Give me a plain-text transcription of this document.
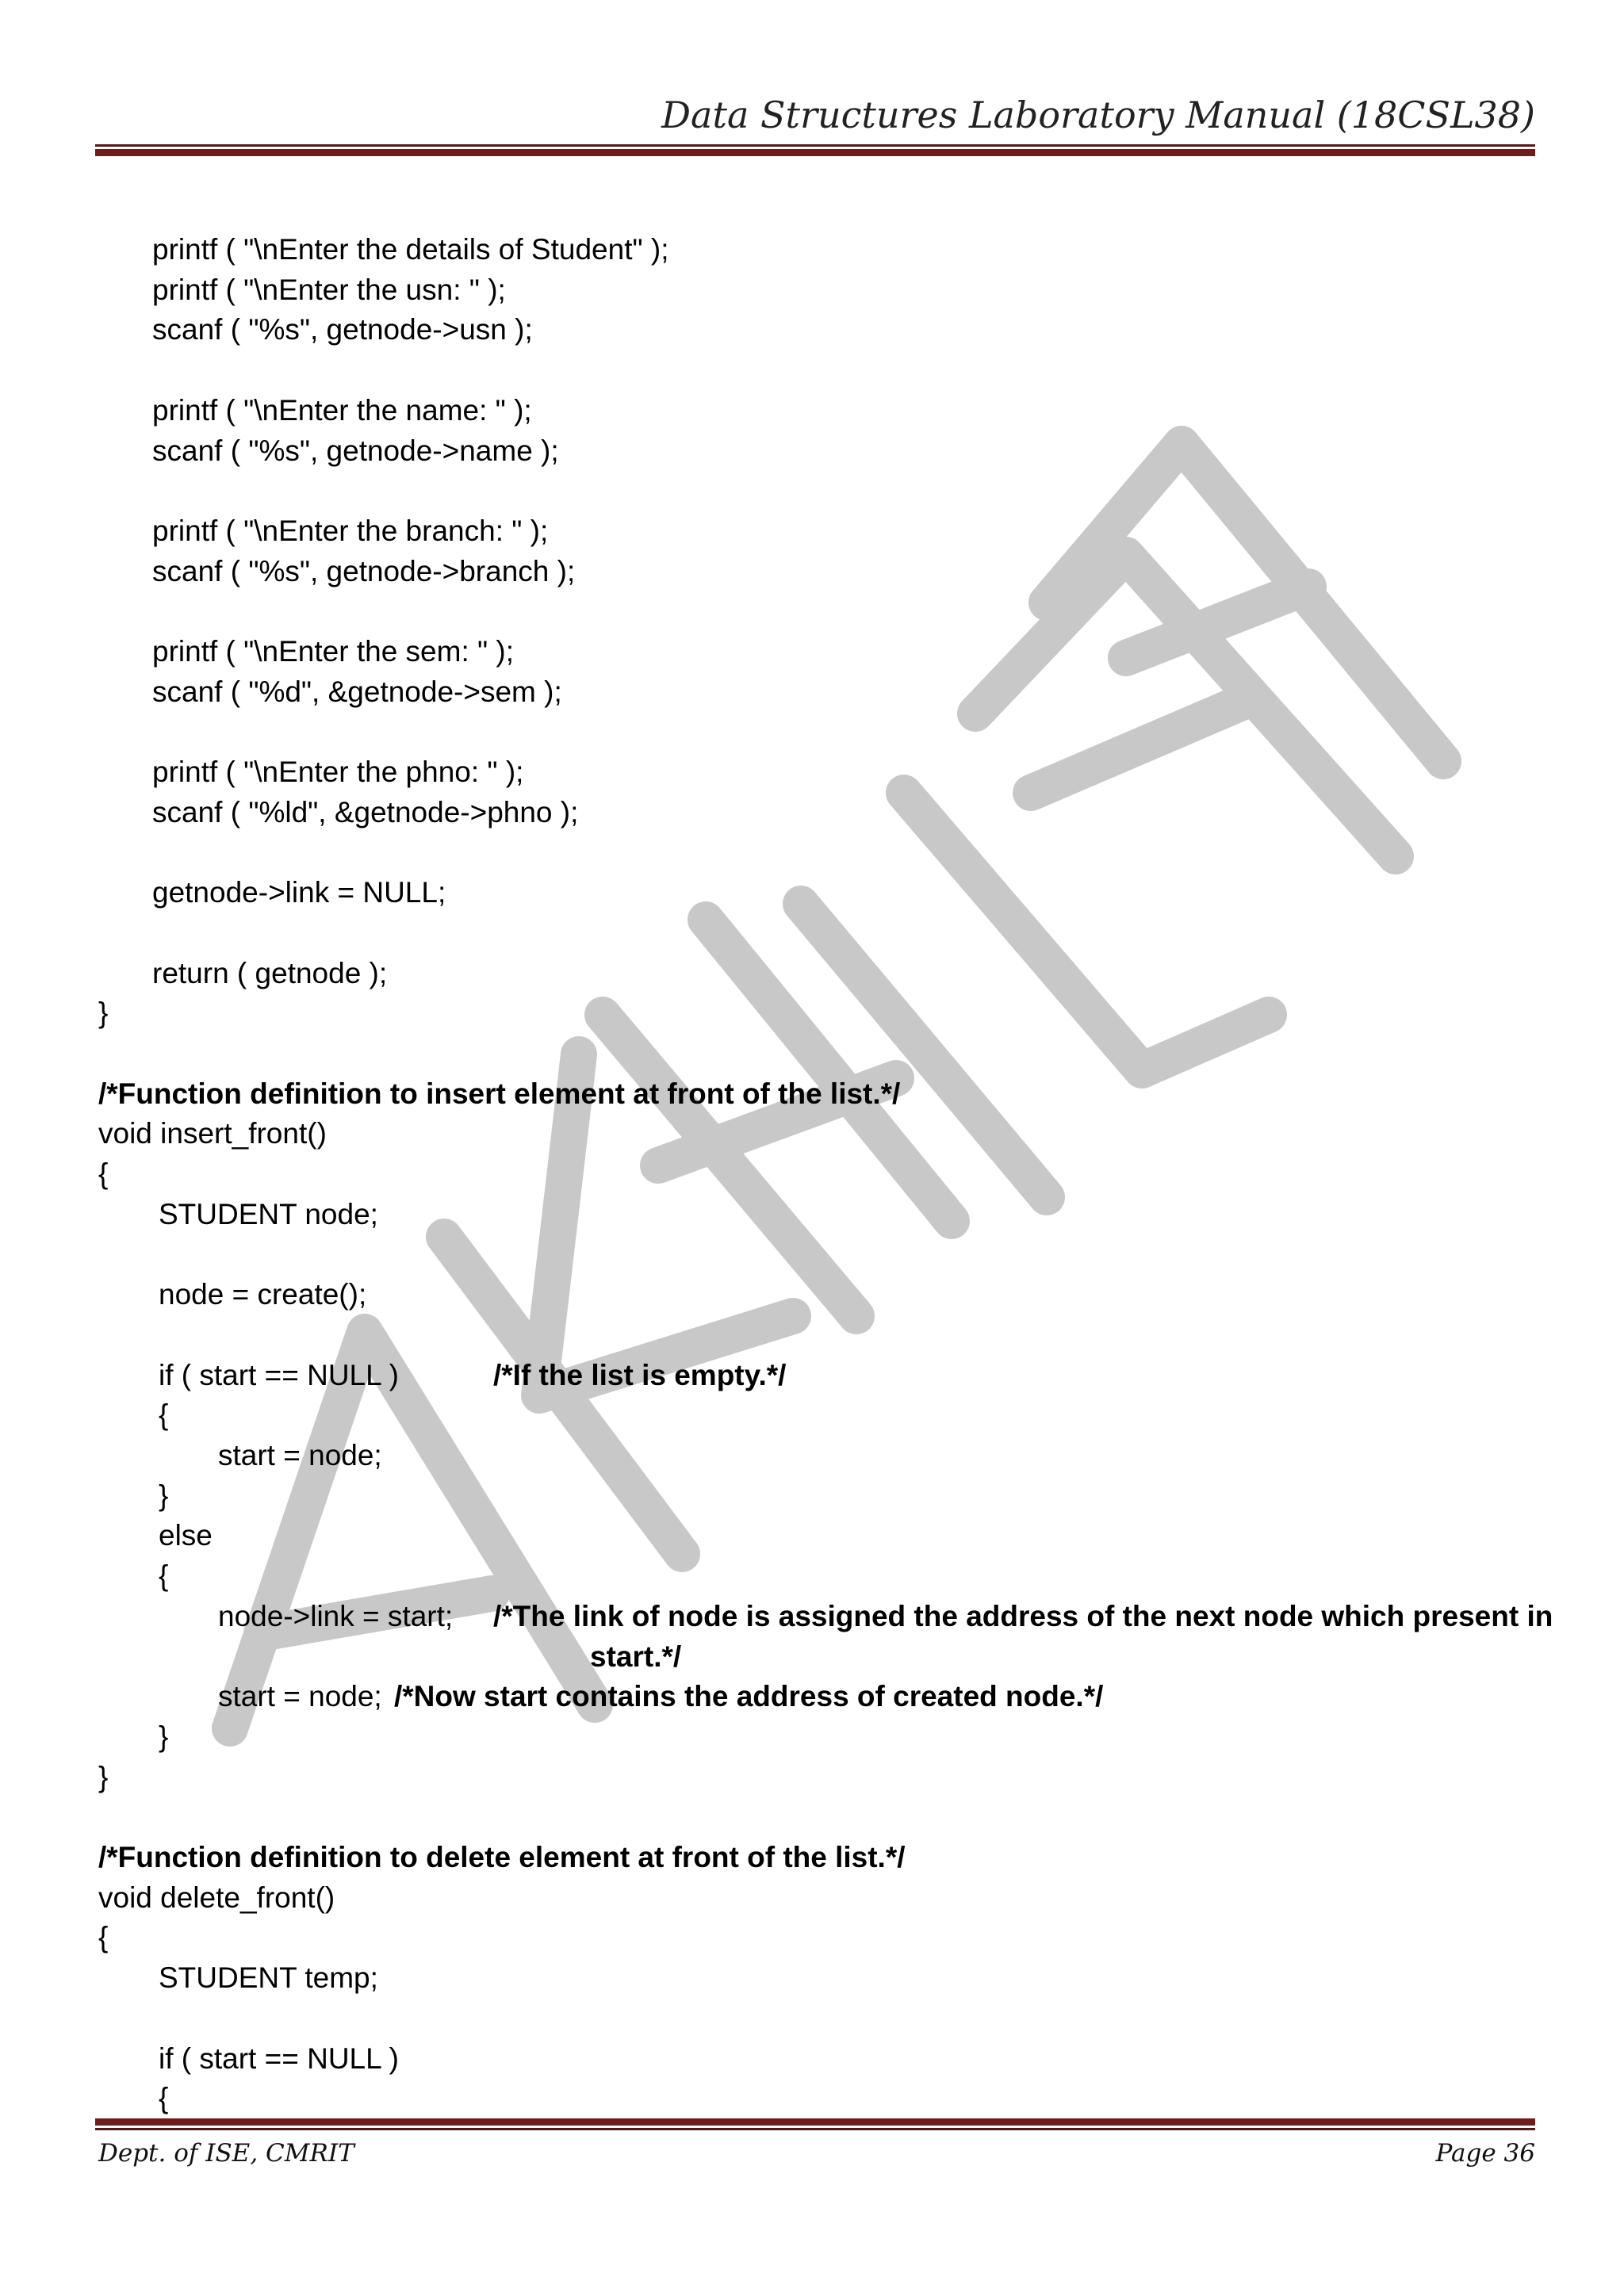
Data Structures Laboratory Manual (18CSL38)
printf ( "\nEnter the details of Student" );
printf ( "\nEnter the usn: " );
scanf ( "%s", getnode->usn );
printf ( "\nEnter the name: " );
scanf ( "%s", getnode->name );
printf ( "\nEnter the branch: " );
scanf ( "%s", getnode->branch );
printf ( "\nEnter the sem: " );
scanf ( "%d", &getnode->sem );
printf ( "\nEnter the phno: " );
scanf ( "%ld", &getnode->phno );
getnode->link = NULL;
return ( getnode );
}
/*Function definition to insert element at front of the list.*/
void insert_front()
{
STUDENT node;
node = create();
if ( start == NULL )	/*If the list is empty.*/
{
start = node;
}
else
{
node->link = start; /*The link of node is assigned the address of the next node which present in
start.*/
start = node; /*Now start contains the address of created node.*/
}
}
/*Function definition to delete element at front of the list.*/
void delete_front()
{
STUDENT temp;
if ( start == NULL )
{

Dept. of ISE, CMRIT	Page 36
